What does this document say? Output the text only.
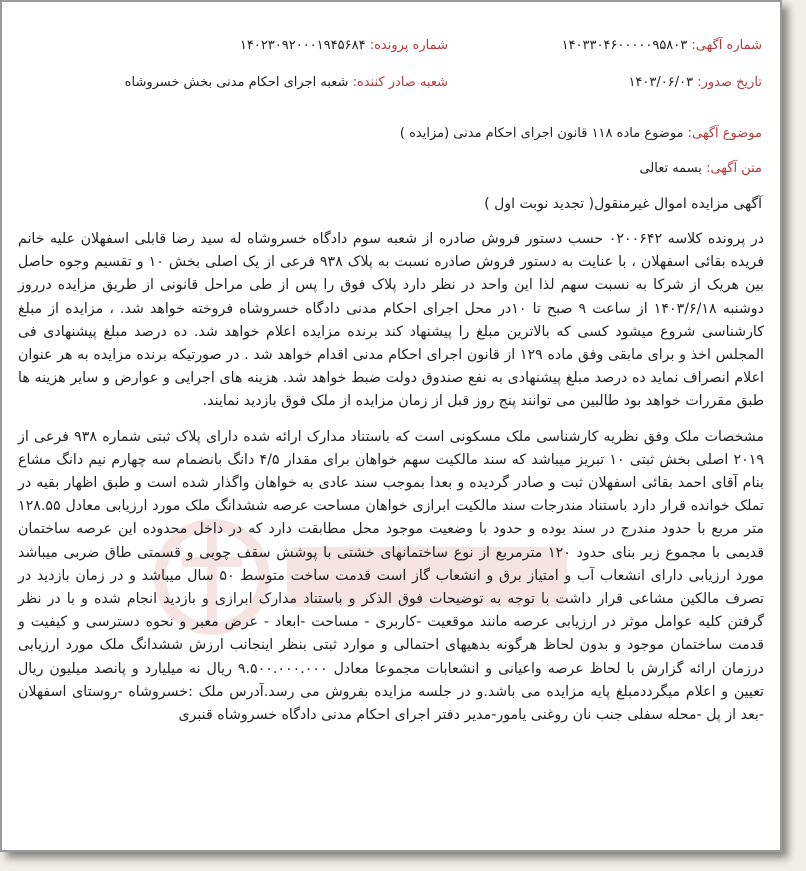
شماره آگهی: ۱۴۰۳۳۰۴۶۰۰۰۰۰۹۵۸۰۳
شماره پرونده: ۱۴۰۲۳۰۹۲۰۰۰۱۹۴۵۶۸۴
تاریخ صدور: ۱۴۰۳/۰۶/۰۳
شعبه صادر کننده: شعبه اجرای احکام مدنی بخش خسروشاه
موضوع آگهی: موضوع ماده ۱۱۸ قانون اجرای احکام مدنی (مزایده )
متن آگهی: بسمه تعالی
آگهی مزایده اموال غیرمنقول( تجدید نوبت اول )

در پرونده کلاسه ۰۲۰۰۶۴۲ حسب دستور فروش صادره از شعبه سوم دادگاه خسروشاه له سید رضا قابلی اسفهلان علیه خانم فریده بقائی اسفهلان ، با عنایت به دستور فروش صادره نسبت به پلاک ۹۳۸ فرعی از یک اصلی بخش ۱۰ و تقسیم وجوه حاصل بین هریک از شرکا به نسبت سهم لذا این واحد در نظر دارد پلاک فوق را پس از طی مراحل قانونی از طریق مزایده درروز دوشنبه ۱۴۰۳/۶/۱۸ از ساعت ۹ صبح تا ۱۰در محل اجرای احکام مدنی دادگاه خسروشاه فروخته خواهد شد. ، مزایده از مبلغ کارشناسی شروع میشود کسی که بالاترین مبلغ را پیشنهاد کند برنده مزایده اعلام خواهد شد. ده درصد مبلغ پیشنهادی فی المجلس اخذ و برای مابقی وفق ماده ۱۲۹ از قانون اجرای احکام مدنی اقدام خواهد شد . در صورتیکه برنده مزایده به هر عنوان اعلام انصراف نماید ده درصد مبلغ پیشنهادی به نفع صندوق دولت ضبط خواهد شد. هزینه های اجرایی و عوارض و سایر هزینه ها طبق مقررات خواهد بود طالبین می توانند پنج روز قبل از زمان مزایده از ملک فوق بازدید نمایند.

مشخصات ملک وفق نظریه کارشناسی ملک مسکونی است که باستناد مدارک ارائه شده دارای پلاک ثبتی شماره ۹۳۸ فرعی از ۲۰۱۹ اصلی بخش ثبتی ۱۰ تبریز میباشد که سند مالکیت سهم خواهان برای مقدار ۴/۵ دانگ بانضمام سه چهارم نیم دانگ مشاع بنام آقای احمد بقائی اسفهلان ثبت و صادر گردیده و بعدا بموجب سند عادی به خواهان واگذار شده است و طبق اظهار بقیه در تملک خوانده قرار دارد باستناد مندرجات سند مالکیت ابرازی خواهان مساحت عرصه ششدانگ ملک مورد ارزیابی معادل ۱۲۸.۵۵ متر مربع با حدود مندرج در سند بوده و حدود با وضعیت موجود محل مطابقت دارد که در داخل محدوده این عرصه ساختمان قدیمی با مجموع زیر بنای حدود ۱۲۰ مترمربع از نوع ساختمانهای خشتی با پوشش سقف چوبی و قسمتی طاق ضربی میباشد مورد ارزیابی دارای انشعاب آب و امتیاز برق و انشعاب گاز است قدمت ساخت متوسط ۵۰ سال میباشد و در زمان بازدید در تصرف مالکین مشاعی قرار داشت با توجه به توضیحات فوق الذکر و باستناد مدارک ابرازی و بازدید انجام شده و با در نظر گرفتن کلیه عوامل موثر در ارزیابی عرصه مانند موقعیت -کاربری - مساحت -ابعاد - عرض معبر و نحوه دسترسی و کیفیت و قدمت ساختمان موجود و بدون لحاظ هرگونه بدهیهای احتمالی و موارد ثبتی بنظر اینجانب ارزش ششدانگ ملک مورد ارزیابی درزمان ارائه گزارش با لحاظ عرصه واعیانی و انشعابات مجموعا معادل ۹.۵۰۰.۰۰۰.۰۰۰ ریال نه میلیارد و پانصد میلیون ریال تعیین و اعلام میگرددمبلغ پایه مزایده می باشد.و در جلسه مزایده بفروش می رسد.آدرس ملک :خسروشاه -روستای اسفهلان -بعد از پل -محله سفلی جنب نان روغنی یامور-مدیر دفتر اجرای احکام مدنی دادگاه خسروشاه قنبری
